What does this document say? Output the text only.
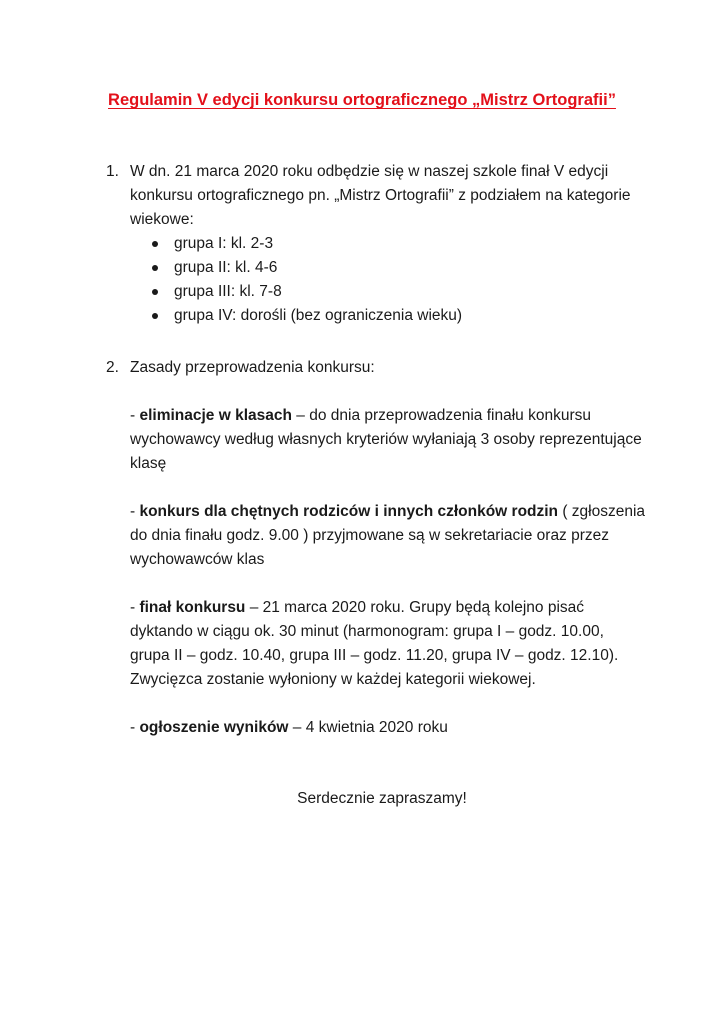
Regulamin V edycji konkursu ortograficznego „Mistrz Ortografii”
1. W dn. 21 marca 2020 roku odbędzie się w naszej szkole finał V edycji konkursu ortograficznego pn. „Mistrz Ortografii” z podziałem na kategorie wiekowe:
grupa I: kl. 2-3
grupa II: kl. 4-6
grupa III: kl. 7-8
grupa IV: dorośli (bez ograniczenia wieku)
2. Zasady przeprowadzenia konkursu:
- eliminacje w klasach – do dnia przeprowadzenia finału konkursu wychowawcy według własnych kryteriów wyłaniają 3 osoby reprezentujące klasę
- konkurs dla chętnych rodziców i innych członków rodzin ( zgłoszenia do dnia finału godz. 9.00 ) przyjmowane są w sekretariacie oraz przez wychowawców klas
- finał konkursu – 21 marca 2020 roku. Grupy będą kolejno pisać dyktando w ciągu ok. 30 minut (harmonogram: grupa I – godz. 10.00, grupa II – godz. 10.40, grupa III – godz. 11.20, grupa IV – godz. 12.10). Zwycięzca zostanie wyłoniony w każdej kategorii wiekowej.
- ogłoszenie wyników – 4 kwietnia 2020 roku
Serdecznie zapraszamy!
